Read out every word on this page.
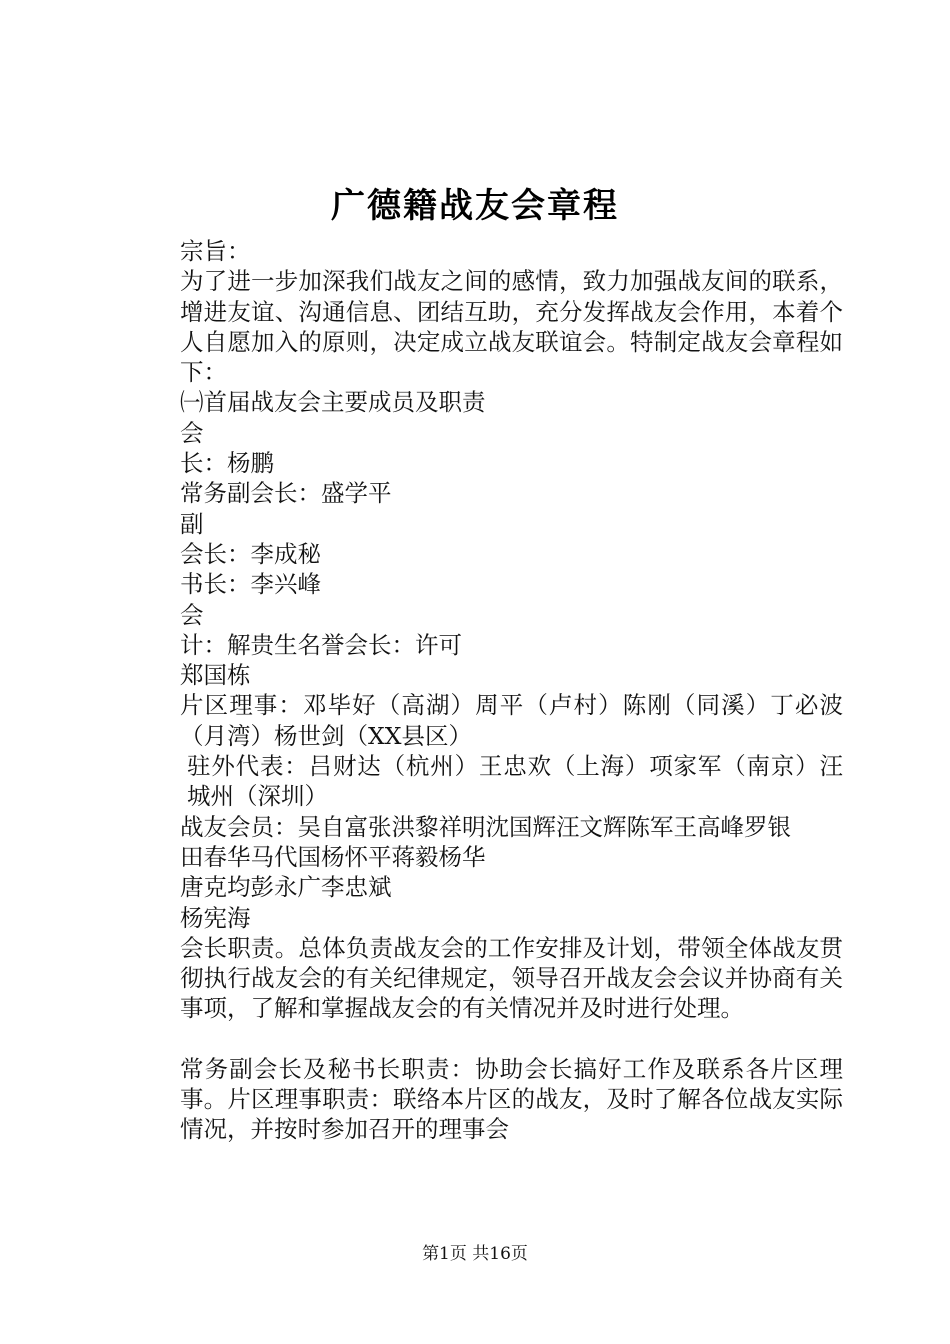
广德籍战友会章程

宗旨：

为了进一步加深我们战友之间的感情，致力加强战友间的联系，增进友谊、沟通信息、团结互助，充分发挥战友会作用，本着个人自愿加入的原则，决定成立战友联谊会。特制定战友会章程如下：

㈠首届战友会主要成员及职责

会

长：杨鹏

常务副会长：盛学平

副

会长：李成秘

书长：李兴峰

会

计：解贵生名誉会长：许可

郑国栋

片区理事：邓毕好（高湖）周平（卢村）陈刚（同溪）丁必波（月湾）杨世剑（XX县区）

驻外代表：吕财达（杭州）王忠欢（上海）项家军（南京）汪城州（深圳）

战友会员：吴自富张洪黎祥明沈国辉汪文辉陈军王高峰罗银

田春华马代国杨怀平蒋毅杨华

唐克均彭永广李忠斌

杨宪海

会长职责。总体负责战友会的工作安排及计划，带领全体战友贯彻执行战友会的有关纪律规定，领导召开战友会会议并协商有关事项，了解和掌握战友会的有关情况并及时进行处理。

常务副会长及秘书长职责：协助会长搞好工作及联系各片区理事。片区理事职责：联络本片区的战友，及时了解各位战友实际情况，并按时参加召开的理事会

第1页 共16页
